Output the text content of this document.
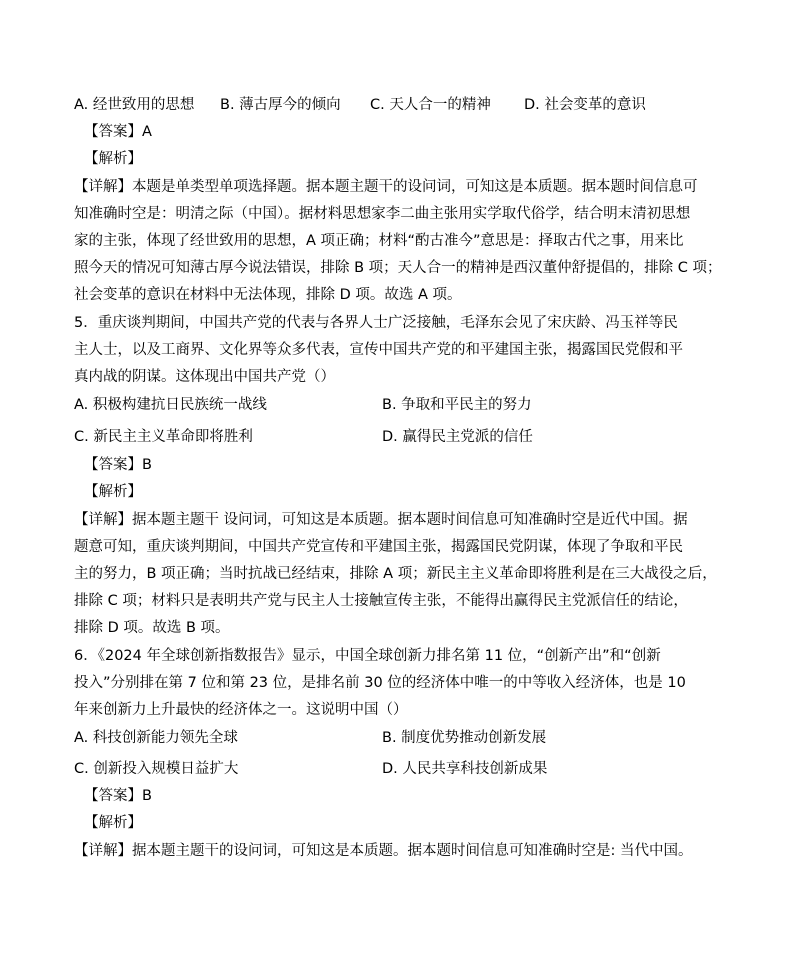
A. 经世致用的思想 B. 薄古厚今的倾向 C. 天人合一的精神 D. 社会变革的意识
【答案】A
【解析】
【详解】本题是单类型单项选择题。据本题主题干的设问词，可知这是本质题。据本题时间信息可
知准确时空是：明清之际（中国）。据材料思想家李二曲主张用实学取代俗学，结合明末清初思想
家的主张，体现了经世致用的思想，A 项正确；材料“酌古准今”意思是：择取古代之事，用来比
照今天的情况可知薄古厚今说法错误，排除 B 项；天人合一的精神是西汉董仲舒提倡的，排除 C 项；
社会变革的意识在材料中无法体现，排除 D 项。故选 A 项。
5．重庆谈判期间，中国共产党的代表与各界人士广泛接触，毛泽东会见了宋庆龄、冯玉祥等民
主人士，以及工商界、文化界等众多代表，宣传中国共产党的和平建国主张，揭露国民党假和平
真内战的阴谋。这体现出中国共产党（）
A. 积极构建抗日民族统一战线	B. 争取和平民主的努力
C. 新民主主义革命即将胜利	D. 赢得民主党派的信任
【答案】B
【解析】
【详解】据本题主题干 设问词，可知这是本质题。据本题时间信息可知准确时空是近代中国。据
题意可知，重庆谈判期间，中国共产党宣传和平建国主张，揭露国民党阴谋，体现了争取和平民
主的努力，B 项正确；当时抗战已经结束，排除 A 项；新民主主义革命即将胜利是在三大战役之后，
排除 C 项；材料只是表明共产党与民主人士接触宣传主张，不能得出赢得民主党派信任的结论，
排除 D 项。故选 B 项。
6．《2024 年全球创新指数报告》显示，中国全球创新力排名第 11 位，“创新产出”和“创新
投入”分别排在第 7 位和第 23 位，是排名前 30 位的经济体中唯一的中等收入经济体，也是 10
年来创新力上升最快的经济体之一。这说明中国（）
A. 科技创新能力领先全球	B. 制度优势推动创新发展
C. 创新投入规模日益扩大	D. 人民共享科技创新成果
【答案】B
【解析】
【详解】据本题主题干的设问词，可知这是本质题。据本题时间信息可知准确时空是: 当代中国。
